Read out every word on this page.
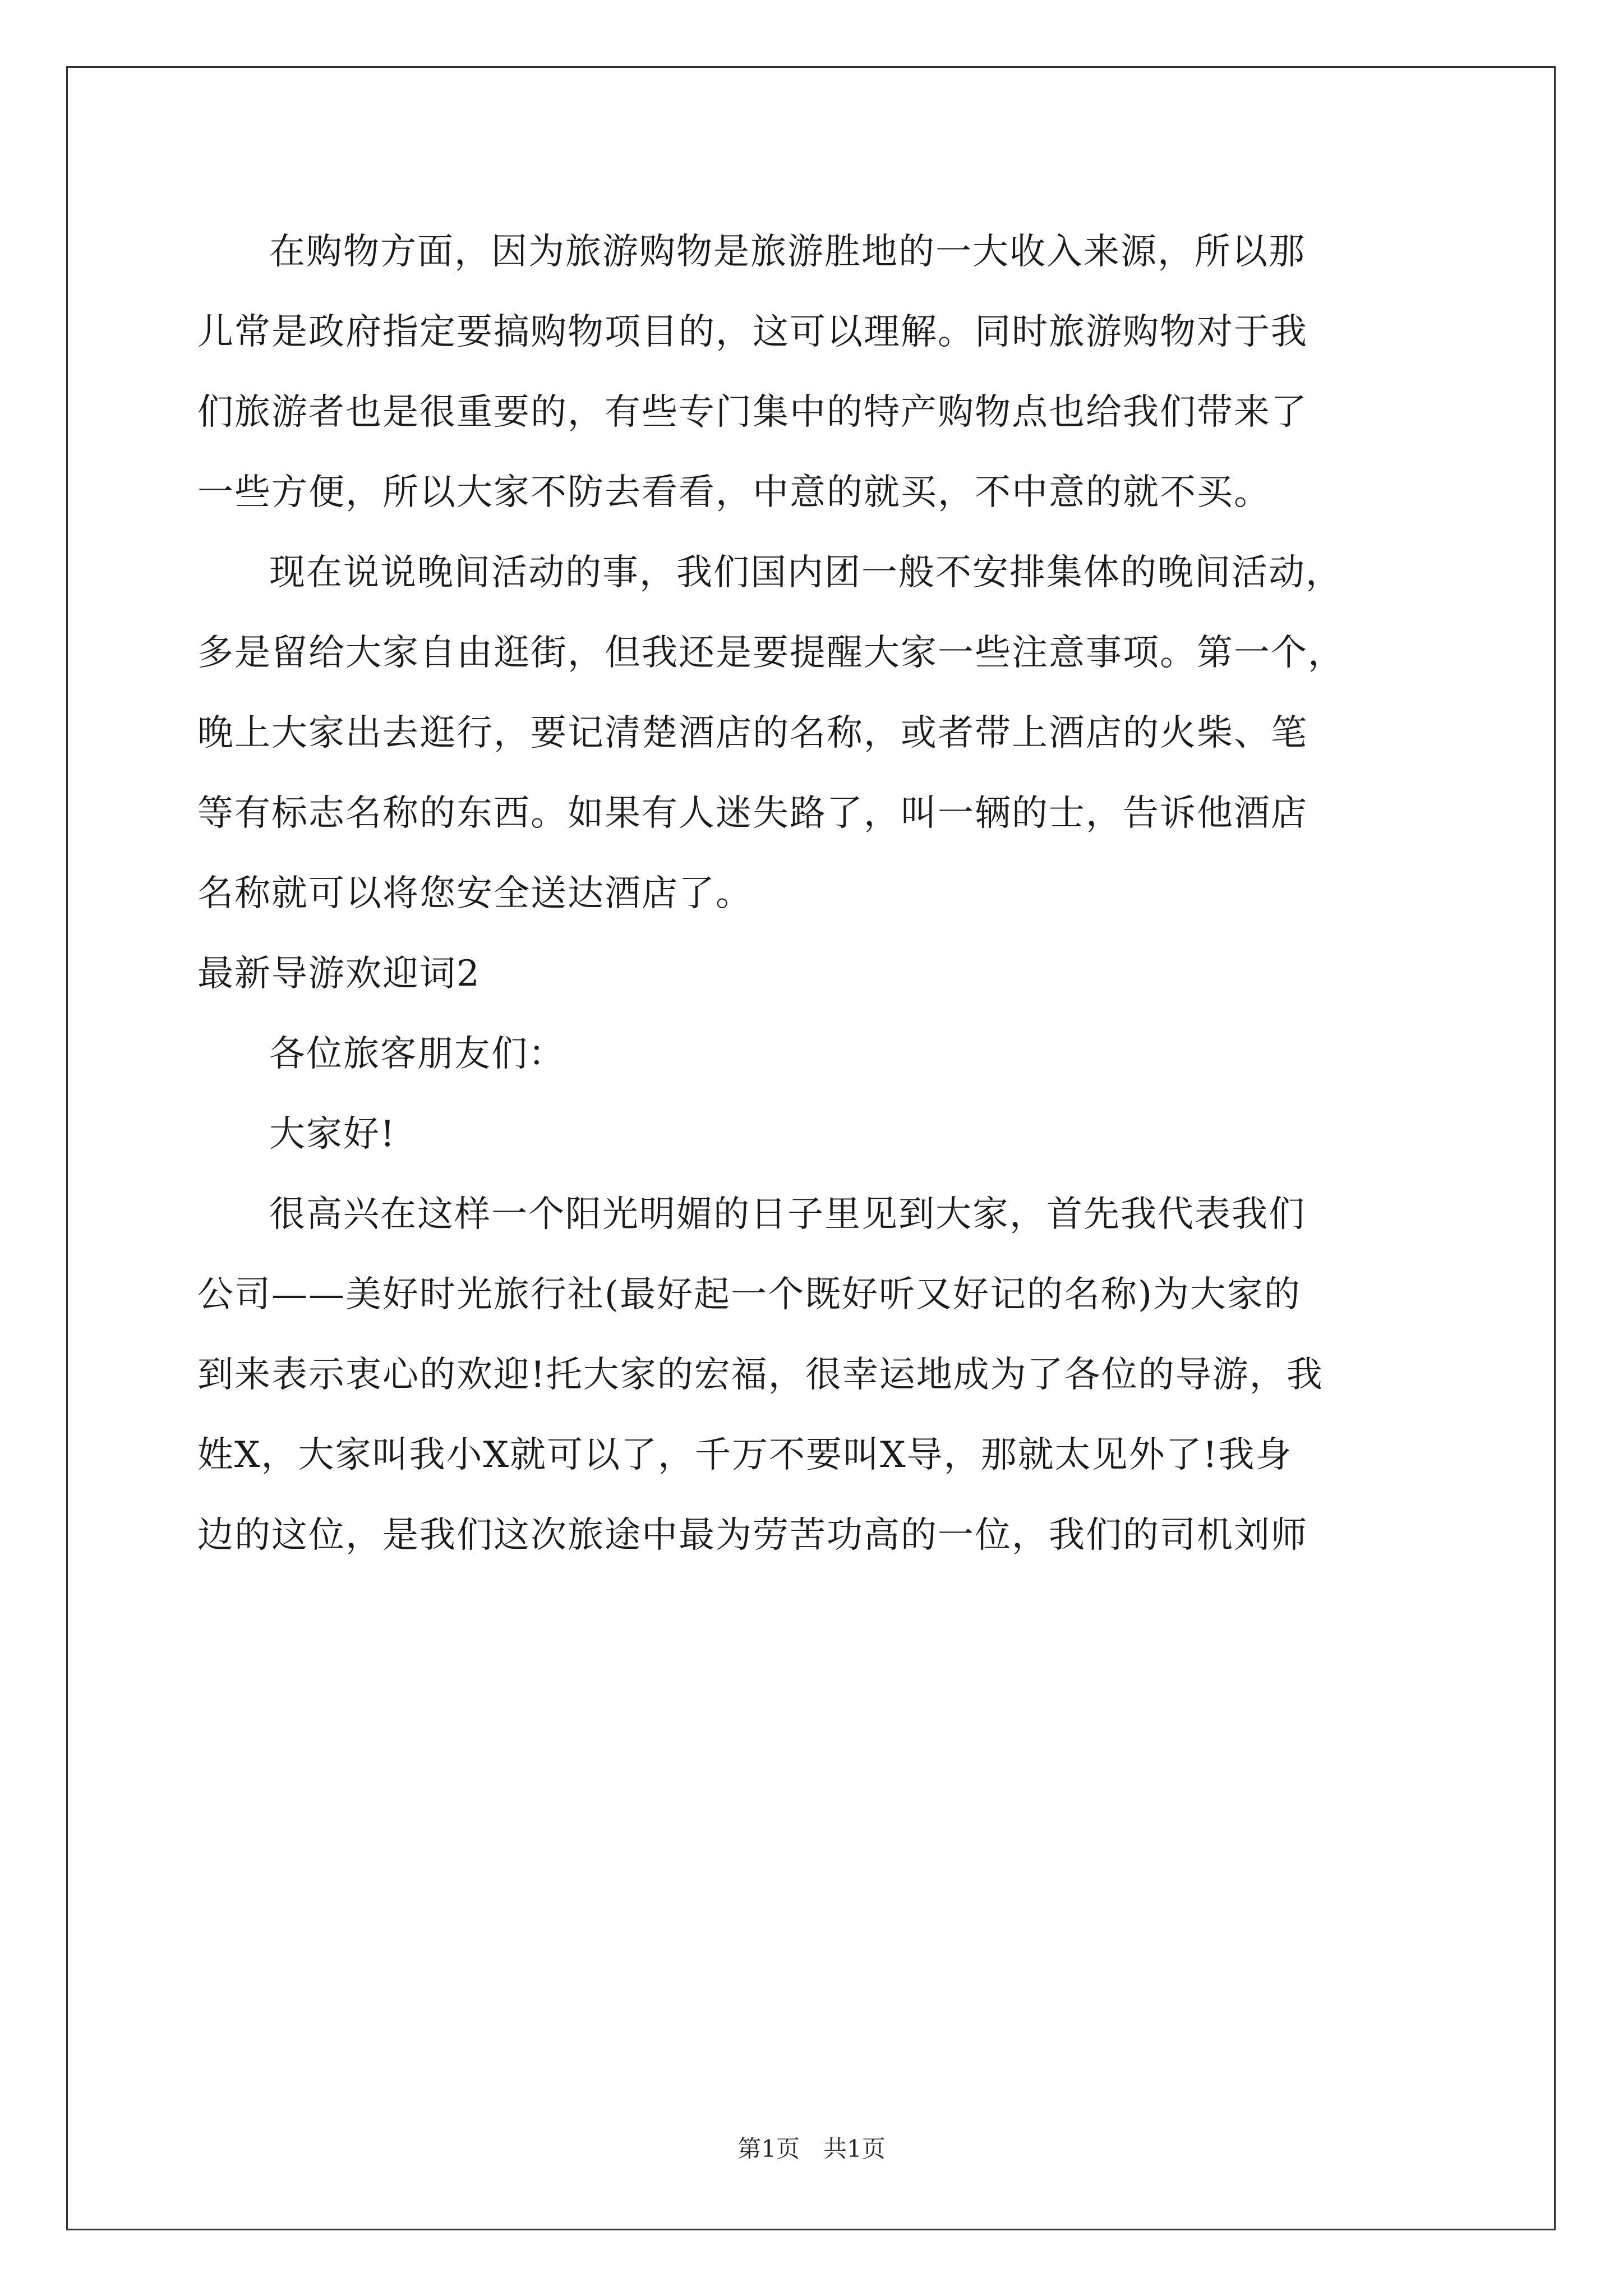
在购物方面，因为旅游购物是旅游胜地的一大收入来源，所以那
儿常是政府指定要搞购物项目的，这可以理解。同时旅游购物对于我
们旅游者也是很重要的，有些专门集中的特产购物点也给我们带来了
一些方便，所以大家不防去看看，中意的就买，不中意的就不买。

现在说说晚间活动的事，我们国内团一般不安排集体的晚间活动，
多是留给大家自由逛街，但我还是要提醒大家一些注意事项。第一个，
晚上大家出去逛行，要记清楚酒店的名称，或者带上酒店的火柴、笔
等有标志名称的东西。如果有人迷失路了，叫一辆的士，告诉他酒店
名称就可以将您安全送达酒店了。

最新导游欢迎词2

各位旅客朋友们：

大家好!

很高兴在这样一个阳光明媚的日子里见到大家，首先我代表我们
公司——美好时光旅行社(最好起一个既好听又好记的名称)为大家的
到来表示衷心的欢迎!托大家的宏福，很幸运地成为了各位的导游，我
姓X，大家叫我小X就可以了，千万不要叫X导，那就太见外了!我身
边的这位，是我们这次旅途中最为劳苦功高的一位，我们的司机刘师

第1页　共1页
